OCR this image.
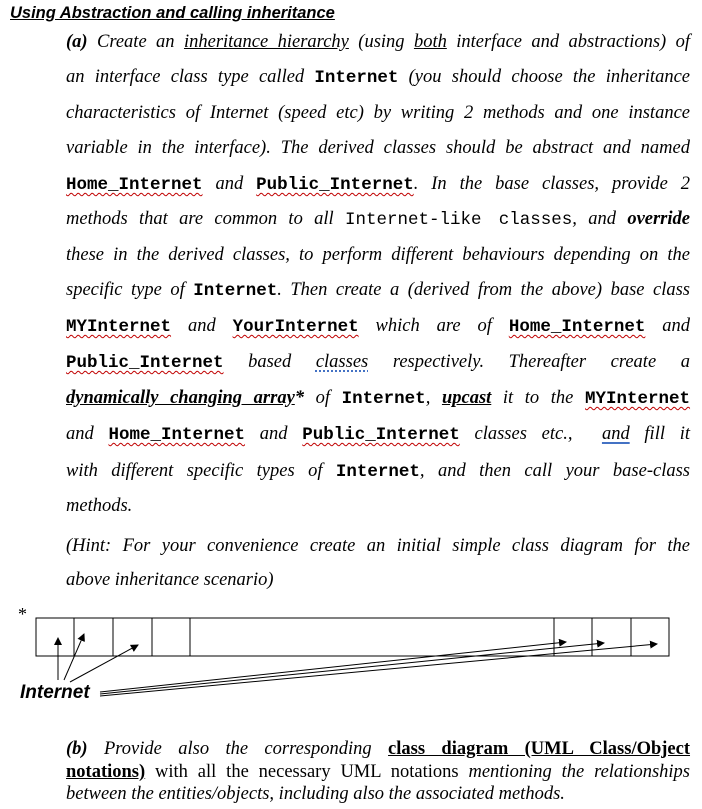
Using Abstraction and calling inheritance
(a) Create an inheritance hierarchy (using both interface and abstractions) of
an interface class type called Internet (you should choose the inheritance
characteristics of Internet (speed etc) by writing 2 methods and one instance
variable in the interface). The derived classes should be abstract and named
Home_Internet and Public_Internet. In the base classes, provide 2
methods that are common to all Internet-like classes, and override
these in the derived classes, to perform different behaviours depending on the
specific type of Internet. Then create a (derived from the above) base class
MYInternet and YourInternet which are of Home_Internet and
Public_Internet based classes respectively. Thereafter create a
dynamically changing array* of Internet, upcast it to the MYInternet
and Home_Internet and Public_Internet classes etc., and fill it
with different specific types of Internet, and then call your base-class
methods.
(Hint: For your convenience create an initial simple class diagram for the
above inheritance scenario)
*
Internet
(b) Provide also the corresponding class diagram (UML Class/Object
notations) with all the necessary UML notations mentioning the relationships
between the entities/objects, including also the associated methods.
